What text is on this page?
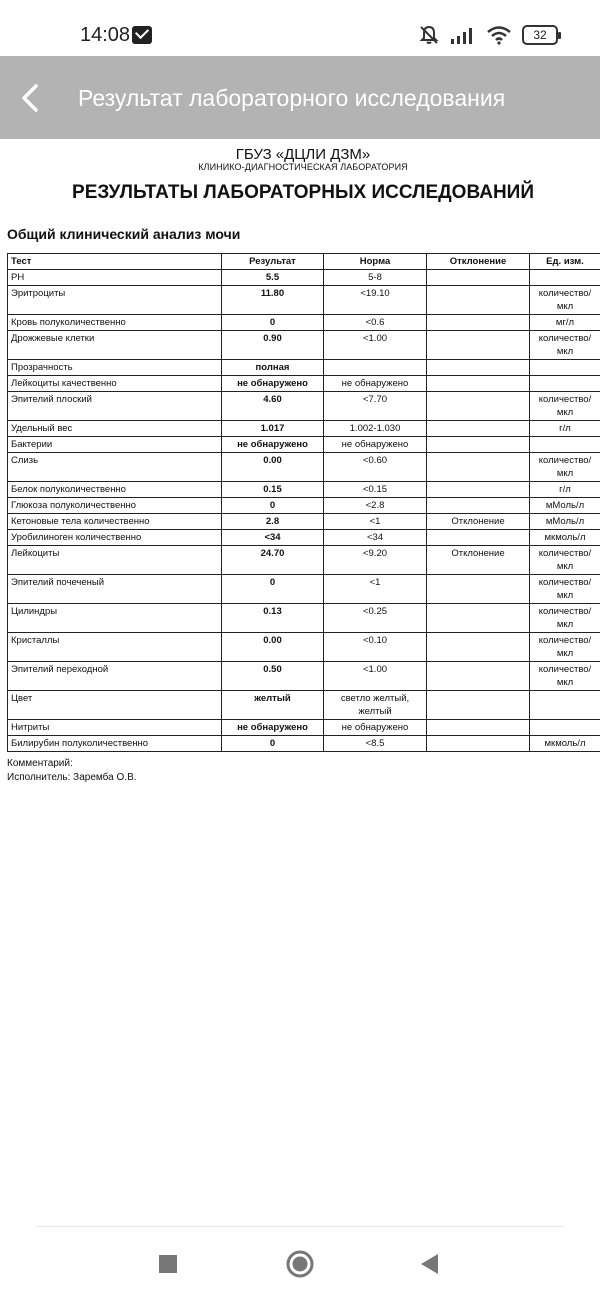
14:08	32
Результат лабораторного исследования
ГБУЗ «ДЦЛИ ДЗМ»
КЛИНИКО-ДИАГНОСТИЧЕСКАЯ ЛАБОРАТОРИЯ
РЕЗУЛЬТАТЫ ЛАБОРАТОРНЫХ ИССЛЕДОВАНИЙ
Общий клинический анализ мочи
Тест	Результат	Норма	Отклонение	Ед. изм.
PH	5.5	5-8		
Эритроциты	11.80	<19.10		количество/ мкл
Кровь полуколичественно	0	<0.6		мг/л
Дрожжевые клетки	0.90	<1.00		количество/ мкл
Прозрачность	полная			
Лейкоциты качественно	не обнаружено	не обнаружено		
Эпителий плоский	4.60	<7.70		количество/ мкл
Удельный вес	1.017	1.002-1.030		г/л
Бактерии	не обнаружено	не обнаружено		
Слизь	0.00	<0.60		количество/ мкл
Белок полуколичественно	0.15	<0.15		г/л
Глюкоза полуколичественно	0	<2.8		мМоль/л
Кетоновые тела количественно	2.8	<1	Отклонение	мМоль/л
Уробилиноген количественно	<34	<34		мкмоль/л
Лейкоциты	24.70	<9.20	Отклонение	количество/ мкл
Эпителий почеченый	0	<1		количество/ мкл
Цилиндры	0.13	<0.25		количество/ мкл
Кристаллы	0.00	<0.10		количество/ мкл
Эпителий переходной	0.50	<1.00		количество/ мкл
Цвет	желтый	светло желтый, желтый		
Нитриты	не обнаружено	не обнаружено		
Билирубин полуколичественно	0	<8.5		мкмоль/л
Комментарий:
Исполнитель: Заремба О.В.
